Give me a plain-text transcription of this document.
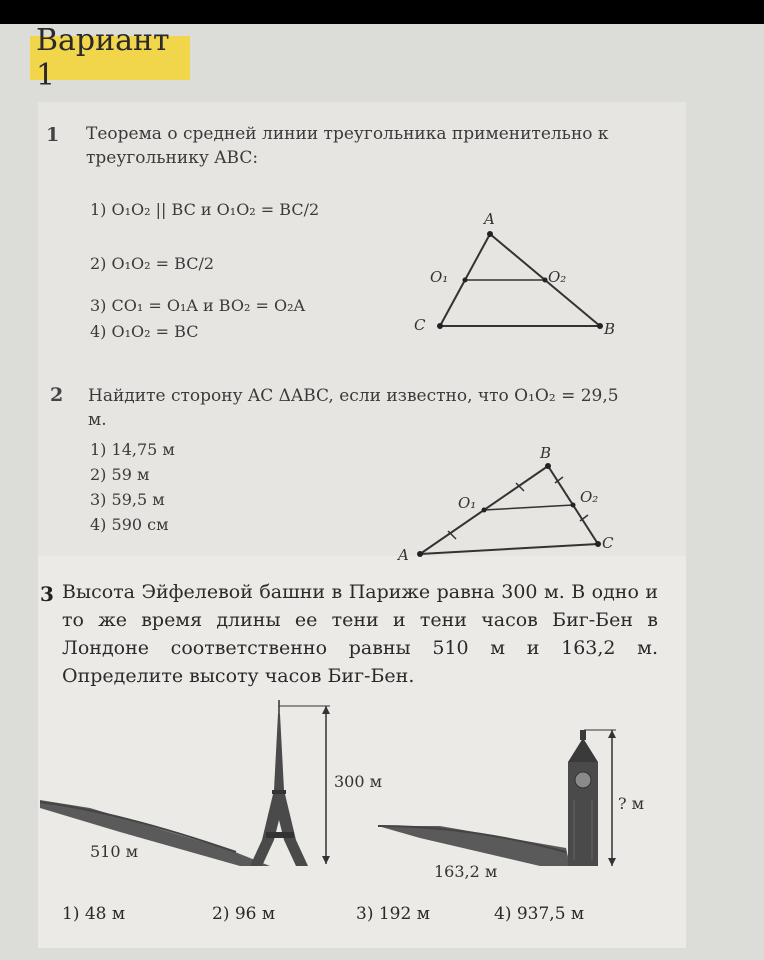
Вариант 1
1 Теорема о средней линии треугольника применительно к треугольнику ABC:
1) O₁O₂ || BC и O₁O₂ = BC/2
2) O₁O₂ = BC/2
3) CO₁ = O₁A и BO₂ = O₂A
4) O₁O₂ = BC
A
O₁	O₂
C	B
2 Найдите сторону AC ΔABC, если известно, что O₁O₂ = 29,5 м.
1) 14,75 м
2) 59 м
3) 59,5 м
4) 590 см
B
O₁	O₂
A
C
3 Высота Эйфелевой башни в Париже равна 300 м. В одно и то же время длины ее тени и тени часов Биг-Бен в Лондоне соответственно равны 510 м и 163,2 м. Определите высоту часов Биг-Бен.
300 м
510 м
? м
163,2 м
1) 48 м	2) 96 м	3) 192 м	4) 937,5 м
